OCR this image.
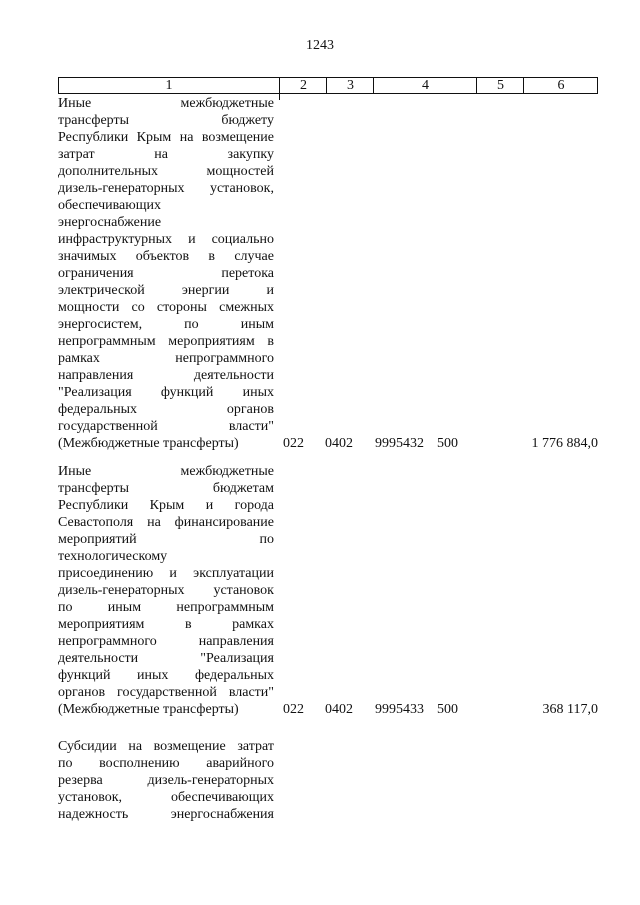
1243
1	2	3	4	5	6
Иные межбюджетные
трансферты бюджету
Республики Крым на возмещение
затрат на закупку
дополнительных мощностей
дизель-генераторных установок,
обеспечивающих
энергоснабжение
инфраструктурных и социально
значимых объектов в случае
ограничения перетока
электрической энергии и
мощности со стороны смежных
энергосистем, по иным
непрограммным мероприятиям в
рамках непрограммного
направления деятельности
"Реализация функций иных
федеральных органов
государственной власти"
(Межбюджетные трансферты)	022 0402 9995432 500	1 776 884,0
Иные межбюджетные
трансферты бюджетам
Республики Крым и города
Севастополя на финансирование
мероприятий по
технологическому
присоединению и эксплуатации
дизель-генераторных установок
по иным непрограммным
мероприятиям в рамках
непрограммного направления
деятельности "Реализация
функций иных федеральных
органов государственной власти"
(Межбюджетные трансферты)	022 0402 9995433 500	368 117,0
Субсидии на возмещение затрат
по восполнению аварийного
резерва дизель-генераторных
установок, обеспечивающих
надежность энергоснабжения
